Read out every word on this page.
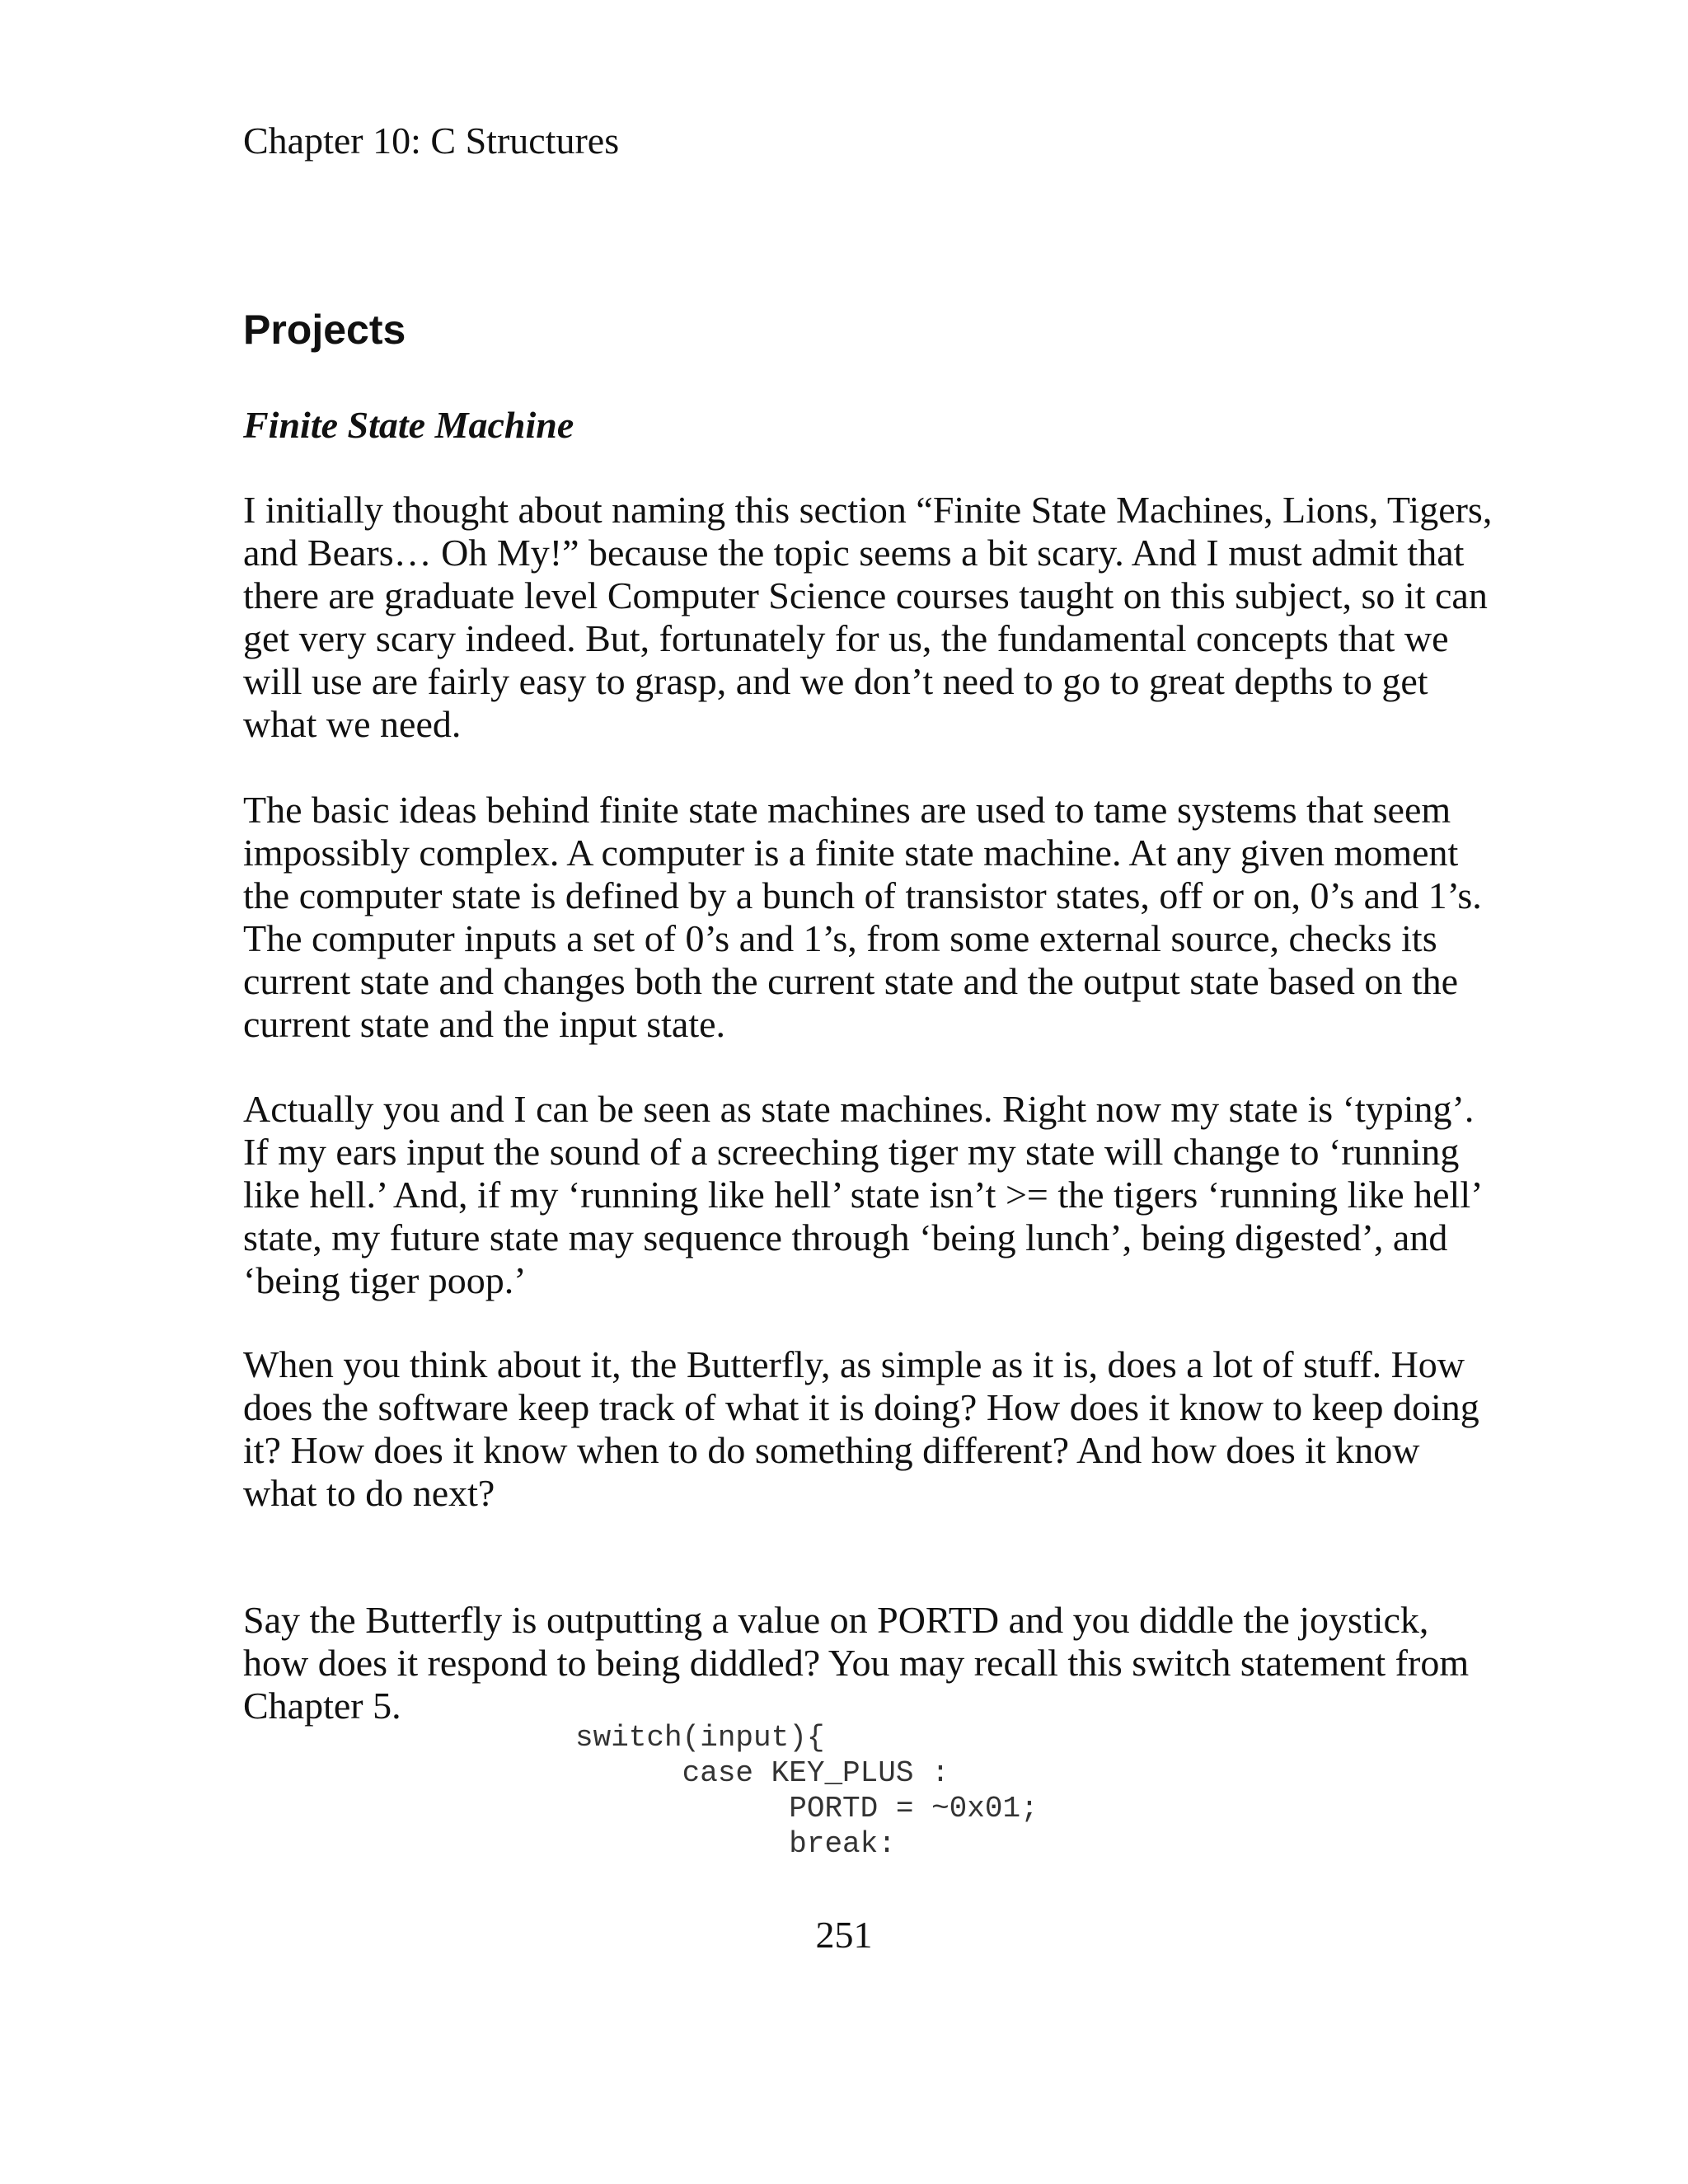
Chapter 10: C Structures
Projects
Finite State Machine

I initially thought about naming this section “Finite State Machines, Lions, Tigers,
and Bears… Oh My!” because the topic seems a bit scary. And I must admit that
there are graduate level Computer Science courses taught on this subject, so it can
get very scary indeed. But, fortunately for us, the fundamental concepts that we
will use are fairly easy to grasp, and we don’t need to go to great depths to get
what we need.

The basic ideas behind finite state machines are used to tame systems that seem
impossibly complex. A computer is a finite state machine. At any given moment
the computer state is defined by a bunch of transistor states, off or on, 0’s and 1’s.
The computer inputs a set of 0’s and 1’s, from some external source, checks its
current state and changes both the current state and the output state based on the
current state and the input state.

Actually you and I can be seen as state machines. Right now my state is ‘typing’.
If my ears input the sound of a screeching tiger my state will change to ‘running
like hell.’ And, if my ‘running like hell’ state isn’t >= the tigers ‘running like hell’
state, my future state may sequence through ‘being lunch’, being digested’, and
‘being tiger poop.’

When you think about it, the Butterfly, as simple as it is, does a lot of stuff. How
does the software keep track of what it is doing? How does it know to keep doing
it? How does it know when to do something different? And how does it know
what to do next?

Say the Butterfly is outputting a value on PORTD and you diddle the joystick,
how does it respond to being diddled? You may recall this switch statement from
Chapter 5.

switch(input){
case KEY_PLUS :
PORTD = ~0x01;
break:
251
